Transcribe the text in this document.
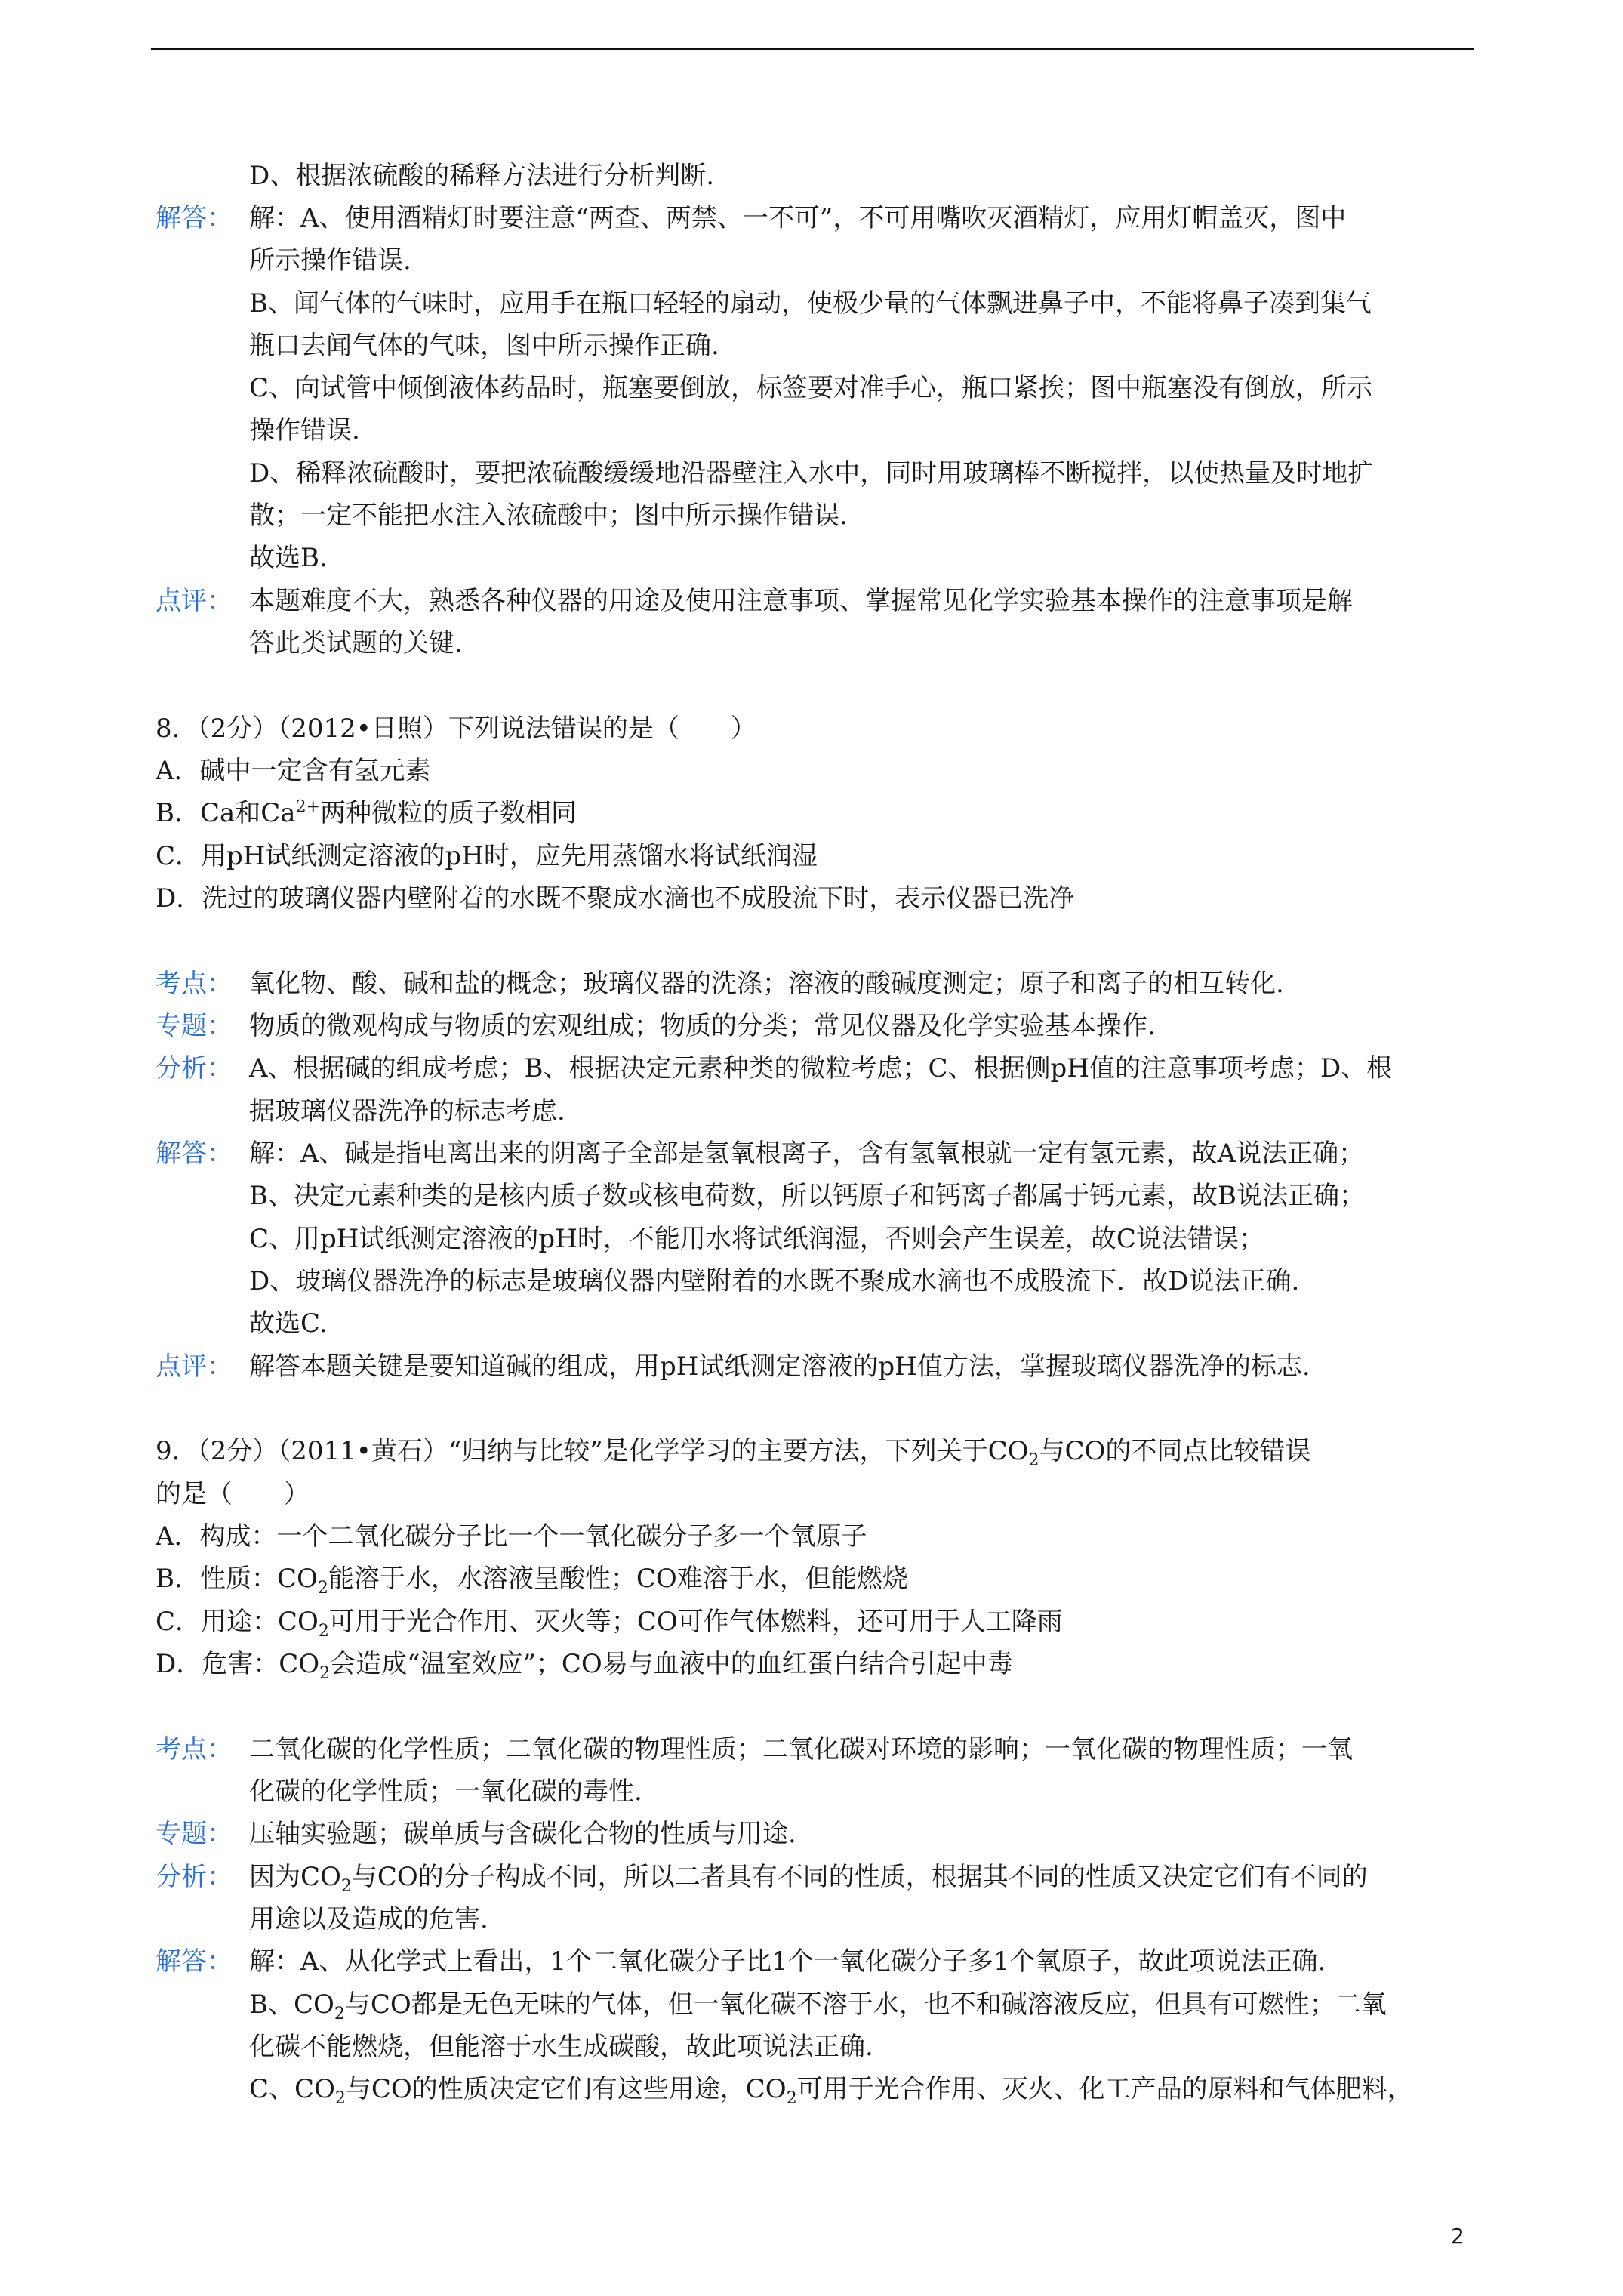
D、根据浓硫酸的稀释方法进行分析判断.
解答： 解：A、使用酒精灯时要注意“两查、两禁、一不可”，不可用嘴吹灭酒精灯，应用灯帽盖灭，图中
所示操作错误.
B、闻气体的气味时，应用手在瓶口轻轻的扇动，使极少量的气体飘进鼻子中，不能将鼻子凑到集气
瓶口去闻气体的气味，图中所示操作正确.
C、向试管中倾倒液体药品时，瓶塞要倒放，标签要对准手心，瓶口紧挨；图中瓶塞没有倒放，所示
操作错误.
D、稀释浓硫酸时，要把浓硫酸缓缓地沿器壁注入水中，同时用玻璃棒不断搅拌，以使热量及时地扩
散；一定不能把水注入浓硫酸中；图中所示操作错误.
故选B.
点评： 本题难度不大，熟悉各种仪器的用途及使用注意事项、掌握常见化学实验基本操作的注意事项是解
答此类试题的关键.
8．（2分）（2012•日照）下列说法错误的是（　　）
A．碱中一定含有氢元素
B．Ca和$Ca^{2+}$两种微粒的质子数相同
C．用pH试纸测定溶液的pH时，应先用蒸馏水将试纸润湿
D．洗过的玻璃仪器内壁附着的水既不聚成水滴也不成股流下时，表示仪器已洗净
考点： 氧化物、酸、碱和盐的概念；玻璃仪器的洗涤；溶液的酸碱度测定；原子和离子的相互转化.
专题： 物质的微观构成与物质的宏观组成；物质的分类；常见仪器及化学实验基本操作.
分析： A、根据碱的组成考虑；B、根据决定元素种类的微粒考虑；C、根据侧pH值的注意事项考虑；D、根
据玻璃仪器洗净的标志考虑.
解答： 解：A、碱是指电离出来的阴离子全部是氢氧根离子，含有氢氧根就一定有氢元素，故A说法正确；
B、决定元素种类的是核内质子数或核电荷数，所以钙原子和钙离子都属于钙元素，故B说法正确；
C、用pH试纸测定溶液的pH时，不能用水将试纸润湿，否则会产生误差，故C说法错误；
D、玻璃仪器洗净的标志是玻璃仪器内壁附着的水既不聚成水滴也不成股流下．故D说法正确.
故选C.
点评： 解答本题关键是要知道碱的组成，用pH试纸测定溶液的pH值方法，掌握玻璃仪器洗净的标志.
9．（2分）（2011•黄石）“归纳与比较”是化学学习的主要方法，下列关于$CO_2$与CO的不同点比较错误
的是（　　）
A．构成：一个二氧化碳分子比一个一氧化碳分子多一个氧原子
B．性质：$CO_2$能溶于水，水溶液呈酸性；CO难溶于水，但能燃烧
C．用途：$CO_2$可用于光合作用、灭火等；CO可作气体燃料，还可用于人工降雨
D．危害：$CO_2$会造成“温室效应”；CO易与血液中的血红蛋白结合引起中毒
考点： 二氧化碳的化学性质；二氧化碳的物理性质；二氧化碳对环境的影响；一氧化碳的物理性质；一氧
化碳的化学性质；一氧化碳的毒性.
专题： 压轴实验题；碳单质与含碳化合物的性质与用途.
分析： 因为$CO_2$与CO的分子构成不同，所以二者具有不同的性质，根据其不同的性质又决定它们有不同的
用途以及造成的危害.
解答： 解：A、从化学式上看出，1个二氧化碳分子比1个一氧化碳分子多1个氧原子，故此项说法正确.
B、$CO_2$与CO都是无色无味的气体，但一氧化碳不溶于水，也不和碱溶液反应，但具有可燃性；二氧
化碳不能燃烧，但能溶于水生成碳酸，故此项说法正确.
C、$CO_2$与CO的性质决定它们有这些用途，$CO_2$可用于光合作用、灭火、化工产品的原料和气体肥料，
2
